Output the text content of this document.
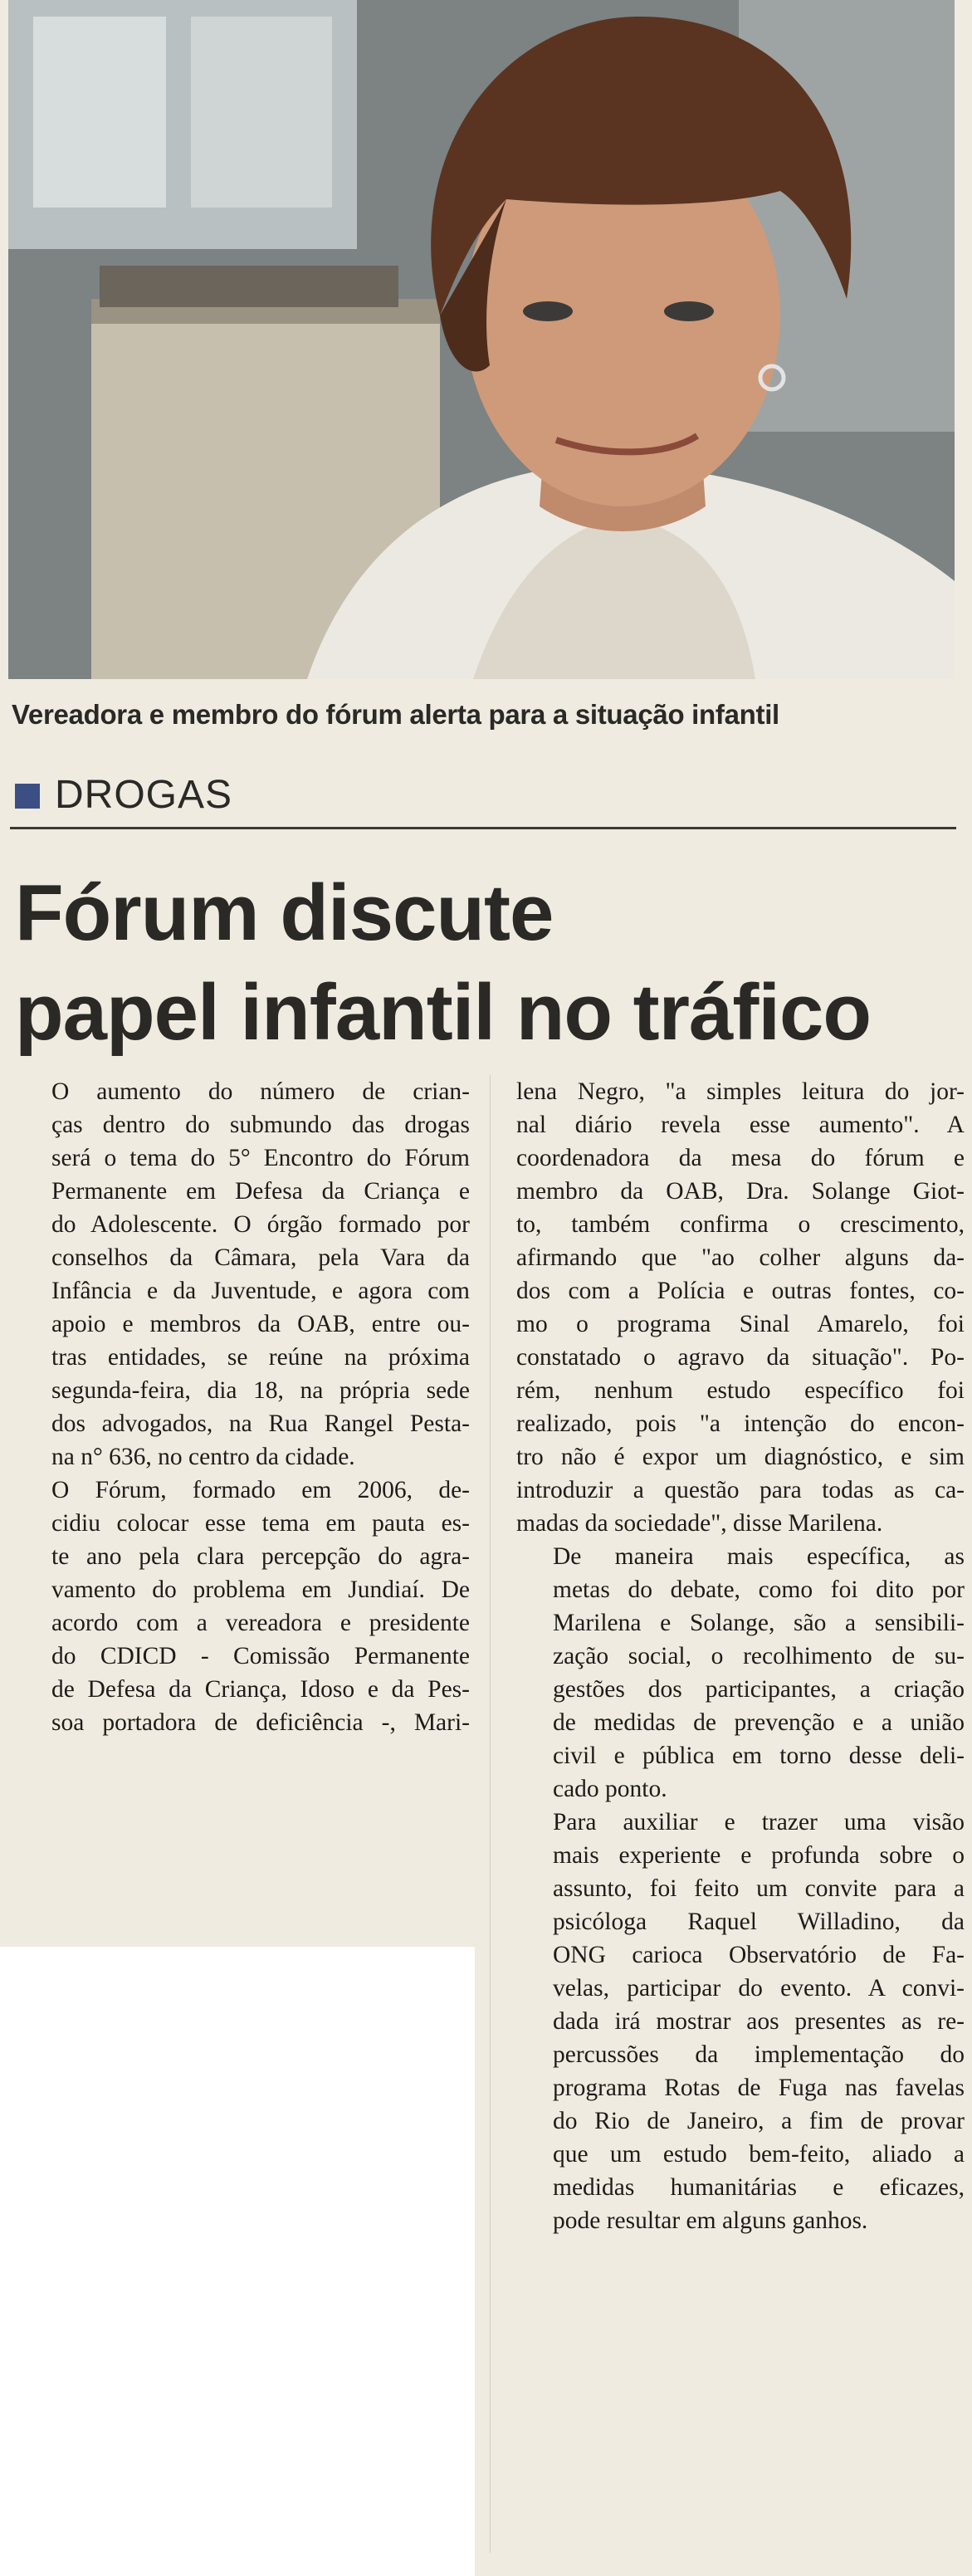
Vereadora e membro do fórum alerta para a situação infantil
DROGAS
Fórum discute
papel infantil no tráfico

O aumento do número de crian-
ças dentro do submundo das drogas
será o tema do 5° Encontro do Fórum
Permanente em Defesa da Criança e
do Adolescente. O órgão formado por
conselhos da Câmara, pela Vara da
Infância e da Juventude, e agora com
apoio e membros da OAB, entre ou-
tras entidades, se reúne na próxima
segunda-feira, dia 18, na própria sede
dos advogados, na Rua Rangel Pesta-
na n° 636, no centro da cidade.

O Fórum, formado em 2006, de-
cidiu colocar esse tema em pauta es-
te ano pela clara percepção do agra-
vamento do problema em Jundiaí. De
acordo com a vereadora e presidente
do CDICD - Comissão Permanente
de Defesa da Criança, Idoso e da Pes-
soa portadora de deficiência -, Mari-

lena Negro, "a simples leitura do jor-
nal diário revela esse aumento". A
coordenadora da mesa do fórum e
membro da OAB, Dra. Solange Giot-
to, também confirma o crescimento,
afirmando que "ao colher alguns da-
dos com a Polícia e outras fontes, co-
mo o programa Sinal Amarelo, foi
constatado o agravo da situação". Po-
rém, nenhum estudo específico foi
realizado, pois "a intenção do encon-
tro não é expor um diagnóstico, e sim
introduzir a questão para todas as ca-
madas da sociedade", disse Marilena.

De maneira mais específica, as
metas do debate, como foi dito por
Marilena e Solange, são a sensibili-
zação social, o recolhimento de su-
gestões dos participantes, a criação
de medidas de prevenção e a união
civil e pública em torno desse deli-
cado ponto.

Para auxiliar e trazer uma visão
mais experiente e profunda sobre o
assunto, foi feito um convite para a
psicóloga Raquel Willadino, da
ONG carioca Observatório de Fa-
velas, participar do evento. A convi-
dada irá mostrar aos presentes as re-
percussões da implementação do
programa Rotas de Fuga nas favelas
do Rio de Janeiro, a fim de provar
que um estudo bem-feito, aliado a
medidas humanitárias e eficazes,
pode resultar em alguns ganhos.
